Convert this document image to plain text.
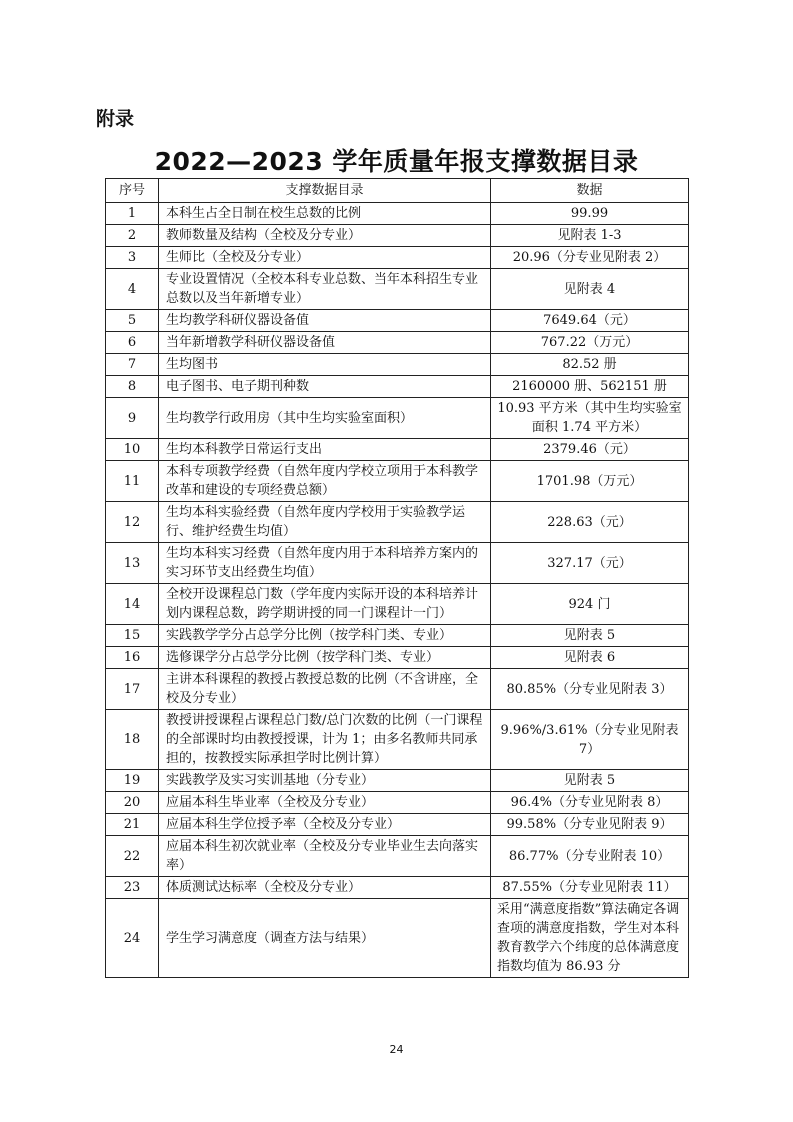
附录
2022—2023 学年质量年报支撑数据目录
序号	支撑数据目录	数据
1	本科生占全日制在校生总数的比例	99.99
2	教师数量及结构（全校及分专业）	见附表 1-3
3	生师比（全校及分专业）	20.96（分专业见附表 2）
4	专业设置情况（全校本科专业总数、当年本科招生专业总数以及当年新增专业）	见附表 4
5	生均教学科研仪器设备值	7649.64（元）
6	当年新增教学科研仪器设备值	767.22（万元）
7	生均图书	82.52 册
8	电子图书、电子期刊种数	2160000 册、562151 册
9	生均教学行政用房（其中生均实验室面积）	10.93 平方米（其中生均实验室面积 1.74 平方米）
10	生均本科教学日常运行支出	2379.46（元）
11	本科专项教学经费（自然年度内学校立项用于本科教学改革和建设的专项经费总额）	1701.98（万元）
12	生均本科实验经费（自然年度内学校用于实验教学运行、维护经费生均值）	228.63（元）
13	生均本科实习经费（自然年度内用于本科培养方案内的实习环节支出经费生均值）	327.17（元）
14	全校开设课程总门数（学年度内实际开设的本科培养计划内课程总数，跨学期讲授的同一门课程计一门）	924 门
15	实践教学学分占总学分比例（按学科门类、专业）	见附表 5
16	选修课学分占总学分比例（按学科门类、专业）	见附表 6
17	主讲本科课程的教授占教授总数的比例（不含讲座，全校及分专业）	80.85%（分专业见附表 3）
18	教授讲授课程占课程总门数/总门次数的比例（一门课程的全部课时均由教授授课，计为 1；由多名教师共同承担的，按教授实际承担学时比例计算）	9.96%/3.61%（分专业见附表 7）
19	实践教学及实习实训基地（分专业）	见附表 5
20	应届本科生毕业率（全校及分专业）	96.4%（分专业见附表 8）
21	应届本科生学位授予率（全校及分专业）	99.58%（分专业见附表 9）
22	应届本科生初次就业率（全校及分专业毕业生去向落实率）	86.77%（分专业附表 10）
23	体质测试达标率（全校及分专业）	87.55%（分专业见附表 11）
24	学生学习满意度（调查方法与结果）	采用“满意度指数”算法确定各调查项的满意度指数，学生对本科教育教学六个纬度的总体满意度指数均值为 86.93 分
24
